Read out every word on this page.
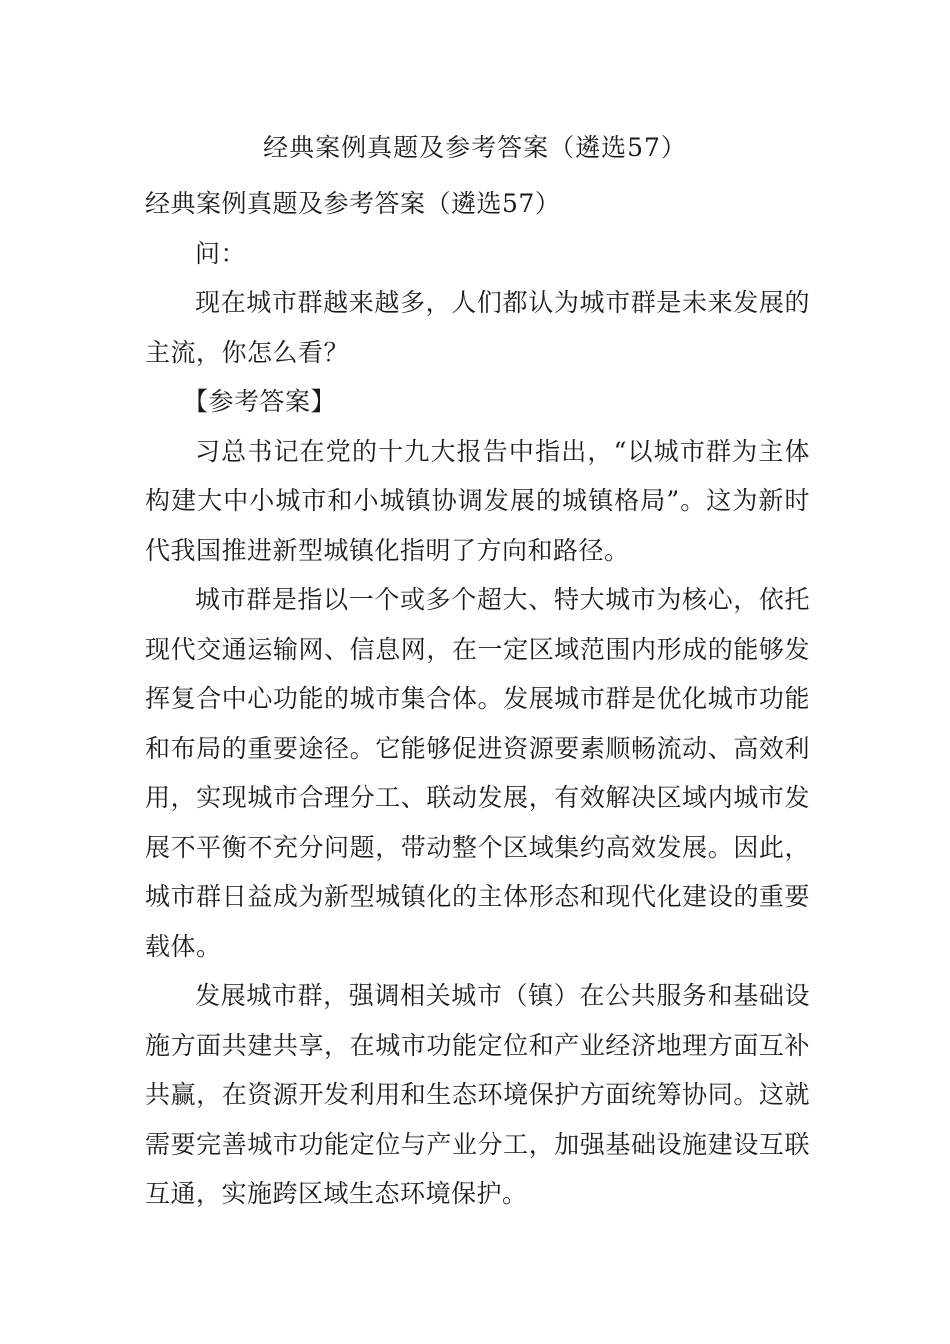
经典案例真题及参考答案（遴选57）

经典案例真题及参考答案（遴选57）

问：

现在城市群越来越多，人们都认为城市群是未来发展的主流，你怎么看？

【参考答案】

习总书记在党的十九大报告中指出，“以城市群为主体构建大中小城市和小城镇协调发展的城镇格局”。这为新时代我国推进新型城镇化指明了方向和路径。

城市群是指以一个或多个超大、特大城市为核心，依托现代交通运输网、信息网，在一定区域范围内形成的能够发挥复合中心功能的城市集合体。发展城市群是优化城市功能和布局的重要途径。它能够促进资源要素顺畅流动、高效利用，实现城市合理分工、联动发展，有效解决区域内城市发展不平衡不充分问题，带动整个区域集约高效发展。因此，城市群日益成为新型城镇化的主体形态和现代化建设的重要载体。

发展城市群，强调相关城市（镇）在公共服务和基础设施方面共建共享，在城市功能定位和产业经济地理方面互补共赢，在资源开发利用和生态环境保护方面统筹协同。这就需要完善城市功能定位与产业分工，加强基础设施建设互联互通，实施跨区域生态环境保护。
